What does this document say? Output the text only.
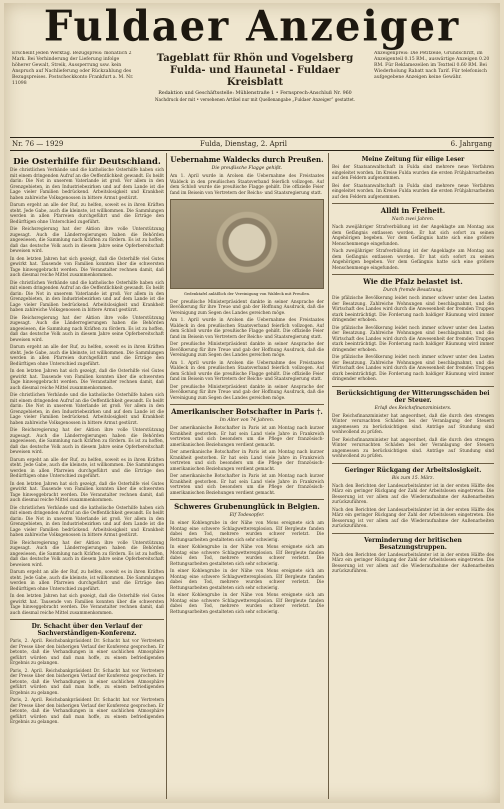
Fuldaer Anzeiger
Erscheint jeden Werktag. Bezugspreis: monatlich 2 Mark. Bei Verhinderung der Lieferung infolge höherer Gewalt, Streik, Aussperrung usw. kein Anspruch auf Nachlieferung oder Rückzahlung des Bezugspreises. Postscheckkonto Frankfurt a. M. Nr. 11098
Tageblatt für Rhön und Vogelsberg
Fulda- und Haunetal - Fuldaer Kreisblatt
Redaktion und Geschäftsstelle: Mühlenstraße 1 • Fernsprech-Anschluß Nr. 960
Nachdruck der mit • versehenen Artikel nur mit Quellenangabe „Fuldaer Anzeiger“ gestattet.
Anzeigenpreis: Die Petitzeile, Grundschrift, im Anzeigenteil 0.15 RM., auswärtige Anzeigen 0.20 RM. Für Reklamezeilen im Textteil 0.60 RM. Bei Wiederholung Rabatt nach Tarif. Für telefonisch aufgegebene Anzeigen keine Gewähr.
Nr. 76 — 1929	Fulda, Dienstag, 2. April	6. Jahrgang
Die Osterhilfe für Deutschland.

Die christlichen Verbände und die katholische Osterhilfe haben sich mit einem dringenden Aufruf an die Oeffentlichkeit gewandt. Es heißt darin: Die Not in unserem Vaterlande ist groß. Vor allem in den Grenzgebieten, in den Industriebezirken und auf dem Lande ist die Lage vieler Familien bedrückend. Arbeitslosigkeit und Krankheit haben zahlreiche Volksgenossen in bittere Armut gestürzt.

Darum ergeht an alle der Ruf, zu helfen, soweit es in ihren Kräften steht. Jede Gabe, auch die kleinste, ist willkommen. Die Sammlungen werden in allen Pfarreien durchgeführt und die Erträge den Bedürftigen ohne Unterschied zugeführt.

Die Reichsregierung hat der Aktion ihre volle Unterstützung zugesagt. Auch die Länderregierungen haben die Behörden angewiesen, die Sammlung nach Kräften zu fördern. Es ist zu hoffen, daß das deutsche Volk auch in diesem Jahre seine Opferbereitschaft beweisen wird.

In den letzten Jahren hat sich gezeigt, daß die Osterhilfe viel Gutes gewirkt hat. Tausende von Familien konnten über die schwersten Tage hinweggebracht werden. Die Veranstalter rechnen damit, daß auch diesmal reiche Mittel zusammenkommen.

Die christlichen Verbände und die katholische Osterhilfe haben sich mit einem dringenden Aufruf an die Oeffentlichkeit gewandt. Es heißt darin: Die Not in unserem Vaterlande ist groß. Vor allem in den Grenzgebieten, in den Industriebezirken und auf dem Lande ist die Lage vieler Familien bedrückend. Arbeitslosigkeit und Krankheit haben zahlreiche Volksgenossen in bittere Armut gestürzt.

Die Reichsregierung hat der Aktion ihre volle Unterstützung zugesagt. Auch die Länderregierungen haben die Behörden angewiesen, die Sammlung nach Kräften zu fördern. Es ist zu hoffen, daß das deutsche Volk auch in diesem Jahre seine Opferbereitschaft beweisen wird.

Darum ergeht an alle der Ruf, zu helfen, soweit es in ihren Kräften steht. Jede Gabe, auch die kleinste, ist willkommen. Die Sammlungen werden in allen Pfarreien durchgeführt und die Erträge den Bedürftigen ohne Unterschied zugeführt.

In den letzten Jahren hat sich gezeigt, daß die Osterhilfe viel Gutes gewirkt hat. Tausende von Familien konnten über die schwersten Tage hinweggebracht werden. Die Veranstalter rechnen damit, daß auch diesmal reiche Mittel zusammenkommen.

Die christlichen Verbände und die katholische Osterhilfe haben sich mit einem dringenden Aufruf an die Oeffentlichkeit gewandt. Es heißt darin: Die Not in unserem Vaterlande ist groß. Vor allem in den Grenzgebieten, in den Industriebezirken und auf dem Lande ist die Lage vieler Familien bedrückend. Arbeitslosigkeit und Krankheit haben zahlreiche Volksgenossen in bittere Armut gestürzt.

Die Reichsregierung hat der Aktion ihre volle Unterstützung zugesagt. Auch die Länderregierungen haben die Behörden angewiesen, die Sammlung nach Kräften zu fördern. Es ist zu hoffen, daß das deutsche Volk auch in diesem Jahre seine Opferbereitschaft beweisen wird.

Darum ergeht an alle der Ruf, zu helfen, soweit es in ihren Kräften steht. Jede Gabe, auch die kleinste, ist willkommen. Die Sammlungen werden in allen Pfarreien durchgeführt und die Erträge den Bedürftigen ohne Unterschied zugeführt.

In den letzten Jahren hat sich gezeigt, daß die Osterhilfe viel Gutes gewirkt hat. Tausende von Familien konnten über die schwersten Tage hinweggebracht werden. Die Veranstalter rechnen damit, daß auch diesmal reiche Mittel zusammenkommen.

Die christlichen Verbände und die katholische Osterhilfe haben sich mit einem dringenden Aufruf an die Oeffentlichkeit gewandt. Es heißt darin: Die Not in unserem Vaterlande ist groß. Vor allem in den Grenzgebieten, in den Industriebezirken und auf dem Lande ist die Lage vieler Familien bedrückend. Arbeitslosigkeit und Krankheit haben zahlreiche Volksgenossen in bittere Armut gestürzt.

Die Reichsregierung hat der Aktion ihre volle Unterstützung zugesagt. Auch die Länderregierungen haben die Behörden angewiesen, die Sammlung nach Kräften zu fördern. Es ist zu hoffen, daß das deutsche Volk auch in diesem Jahre seine Opferbereitschaft beweisen wird.

Darum ergeht an alle der Ruf, zu helfen, soweit es in ihren Kräften steht. Jede Gabe, auch die kleinste, ist willkommen. Die Sammlungen werden in allen Pfarreien durchgeführt und die Erträge den Bedürftigen ohne Unterschied zugeführt.

In den letzten Jahren hat sich gezeigt, daß die Osterhilfe viel Gutes gewirkt hat. Tausende von Familien konnten über die schwersten Tage hinweggebracht werden. Die Veranstalter rechnen damit, daß auch diesmal reiche Mittel zusammenkommen.

Dr. Schacht über den Verlauf der Sachverständigen-Konferenz.

Paris, 2. April. Reichsbankpräsident Dr. Schacht hat vor Vertretern der Presse über den bisherigen Verlauf der Konferenz gesprochen. Er betonte, daß die Verhandlungen in einer sachlichen Atmosphäre geführt würden und daß man hoffe, zu einem befriedigenden Ergebnis zu gelangen.

Paris, 2. April. Reichsbankpräsident Dr. Schacht hat vor Vertretern der Presse über den bisherigen Verlauf der Konferenz gesprochen. Er betonte, daß die Verhandlungen in einer sachlichen Atmosphäre geführt würden und daß man hoffe, zu einem befriedigenden Ergebnis zu gelangen.

Paris, 2. April. Reichsbankpräsident Dr. Schacht hat vor Vertretern der Presse über den bisherigen Verlauf der Konferenz gesprochen. Er betonte, daß die Verhandlungen in einer sachlichen Atmosphäre geführt würden und daß man hoffe, zu einem befriedigenden Ergebnis zu gelangen.

Uebernahme Waldecks durch Preußen.
Die preußische Flagge gehißt.

Am 1. April wurde in Arolsen die Uebernahme des Freistaates Waldeck in den preußischen Staatsverband feierlich vollzogen. Auf dem Schloß wurde die preußische Flagge gehißt. Die offizielle Feier fand im Beisein von Vertretern der Reichs- und Staatsregierung statt.

Gedenktafel anläßlich der Vereinigung von Waldeck mit Preußen.

Der preußische Ministerpräsident dankte in seiner Ansprache der Bevölkerung für ihre Treue und gab der Hoffnung Ausdruck, daß die Vereinigung zum Segen des Landes gereichen möge.

Am 1. April wurde in Arolsen die Uebernahme des Freistaates Waldeck in den preußischen Staatsverband feierlich vollzogen. Auf dem Schloß wurde die preußische Flagge gehißt. Die offizielle Feier fand im Beisein von Vertretern der Reichs- und Staatsregierung statt.

Der preußische Ministerpräsident dankte in seiner Ansprache der Bevölkerung für ihre Treue und gab der Hoffnung Ausdruck, daß die Vereinigung zum Segen des Landes gereichen möge.

Am 1. April wurde in Arolsen die Uebernahme des Freistaates Waldeck in den preußischen Staatsverband feierlich vollzogen. Auf dem Schloß wurde die preußische Flagge gehißt. Die offizielle Feier fand im Beisein von Vertretern der Reichs- und Staatsregierung statt.

Der preußische Ministerpräsident dankte in seiner Ansprache der Bevölkerung für ihre Treue und gab der Hoffnung Ausdruck, daß die Vereinigung zum Segen des Landes gereichen möge.

Amerikanischer Botschafter in Paris †.
Im Alter von 74 Jahren.

Der amerikanische Botschafter in Paris ist am Montag nach kurzer Krankheit gestorben. Er hat sein Land viele Jahre in Frankreich vertreten und sich besonders um die Pflege der französisch-amerikanischen Beziehungen verdient gemacht.

Der amerikanische Botschafter in Paris ist am Montag nach kurzer Krankheit gestorben. Er hat sein Land viele Jahre in Frankreich vertreten und sich besonders um die Pflege der französisch-amerikanischen Beziehungen verdient gemacht.

Der amerikanische Botschafter in Paris ist am Montag nach kurzer Krankheit gestorben. Er hat sein Land viele Jahre in Frankreich vertreten und sich besonders um die Pflege der französisch-amerikanischen Beziehungen verdient gemacht.

Schweres Grubenunglück in Belgien.
Elf Todesopfer.

In einer Kohlengrube in der Nähe von Mons ereignete sich am Montag eine schwere Schlagwetterexplosion. Elf Bergleute fanden dabei den Tod, mehrere wurden schwer verletzt. Die Rettungsarbeiten gestalteten sich sehr schwierig.

In einer Kohlengrube in der Nähe von Mons ereignete sich am Montag eine schwere Schlagwetterexplosion. Elf Bergleute fanden dabei den Tod, mehrere wurden schwer verletzt. Die Rettungsarbeiten gestalteten sich sehr schwierig.

In einer Kohlengrube in der Nähe von Mons ereignete sich am Montag eine schwere Schlagwetterexplosion. Elf Bergleute fanden dabei den Tod, mehrere wurden schwer verletzt. Die Rettungsarbeiten gestalteten sich sehr schwierig.

In einer Kohlengrube in der Nähe von Mons ereignete sich am Montag eine schwere Schlagwetterexplosion. Elf Bergleute fanden dabei den Tod, mehrere wurden schwer verletzt. Die Rettungsarbeiten gestalteten sich sehr schwierig.

Meine Zeitung für eilige Leser

Bei der Staatsanwaltschaft in Fulda sind mehrere neue Verfahren eingeleitet worden. Im Kreise Fulda wurden die ersten Frühjahrsarbeiten auf den Feldern aufgenommen.

Bei der Staatsanwaltschaft in Fulda sind mehrere neue Verfahren eingeleitet worden. Im Kreise Fulda wurden die ersten Frühjahrsarbeiten auf den Feldern aufgenommen.

Alldi in Freiheit.
Nach zwei Jahren.

Nach zweijähriger Strafverbüßung ist der Angeklagte am Montag aus dem Gefängnis entlassen worden. Er hat sich sofort zu seinen Angehörigen begeben. Vor dem Gefängnis hatte sich eine größere Menschenmenge eingefunden.

Nach zweijähriger Strafverbüßung ist der Angeklagte am Montag aus dem Gefängnis entlassen worden. Er hat sich sofort zu seinen Angehörigen begeben. Vor dem Gefängnis hatte sich eine größere Menschenmenge eingefunden.

Wie die Pfalz belastet ist.
Durch fremde Besatzung.

Die pfälzische Bevölkerung leidet noch immer schwer unter den Lasten der Besatzung. Zahlreiche Wohnungen sind beschlagnahmt, und die Wirtschaft des Landes wird durch die Anwesenheit der fremden Truppen stark beeinträchtigt. Die Forderung nach baldiger Räumung wird immer dringender erhoben.

Die pfälzische Bevölkerung leidet noch immer schwer unter den Lasten der Besatzung. Zahlreiche Wohnungen sind beschlagnahmt, und die Wirtschaft des Landes wird durch die Anwesenheit der fremden Truppen stark beeinträchtigt. Die Forderung nach baldiger Räumung wird immer dringender erhoben.

Die pfälzische Bevölkerung leidet noch immer schwer unter den Lasten der Besatzung. Zahlreiche Wohnungen sind beschlagnahmt, und die Wirtschaft des Landes wird durch die Anwesenheit der fremden Truppen stark beeinträchtigt. Die Forderung nach baldiger Räumung wird immer dringender erhoben.

Berücksichtigung der Witterungsschäden bei der Steuer.
Erlaß des Reichsfinanzministers.

Der Reichsfinanzminister hat angeordnet, daß die durch den strengen Winter verursachten Schäden bei der Veranlagung der Steuern angemessen zu berücksichtigen sind. Anträge auf Stundung sind wohlwollend zu prüfen.

Der Reichsfinanzminister hat angeordnet, daß die durch den strengen Winter verursachten Schäden bei der Veranlagung der Steuern angemessen zu berücksichtigen sind. Anträge auf Stundung sind wohlwollend zu prüfen.

Geringer Rückgang der Arbeitslosigkeit.
Bis zum 15. März.

Nach den Berichten der Landesarbeitsämter ist in der ersten Hälfte des März ein geringer Rückgang der Zahl der Arbeitslosen eingetreten. Die Besserung ist vor allem auf die Wiederaufnahme der Außenarbeiten zurückzuführen.

Nach den Berichten der Landesarbeitsämter ist in der ersten Hälfte des März ein geringer Rückgang der Zahl der Arbeitslosen eingetreten. Die Besserung ist vor allem auf die Wiederaufnahme der Außenarbeiten zurückzuführen.

Verminderung der britischen Besatzungstruppen.

Nach den Berichten der Landesarbeitsämter ist in der ersten Hälfte des März ein geringer Rückgang der Zahl der Arbeitslosen eingetreten. Die Besserung ist vor allem auf die Wiederaufnahme der Außenarbeiten zurückzuführen.
